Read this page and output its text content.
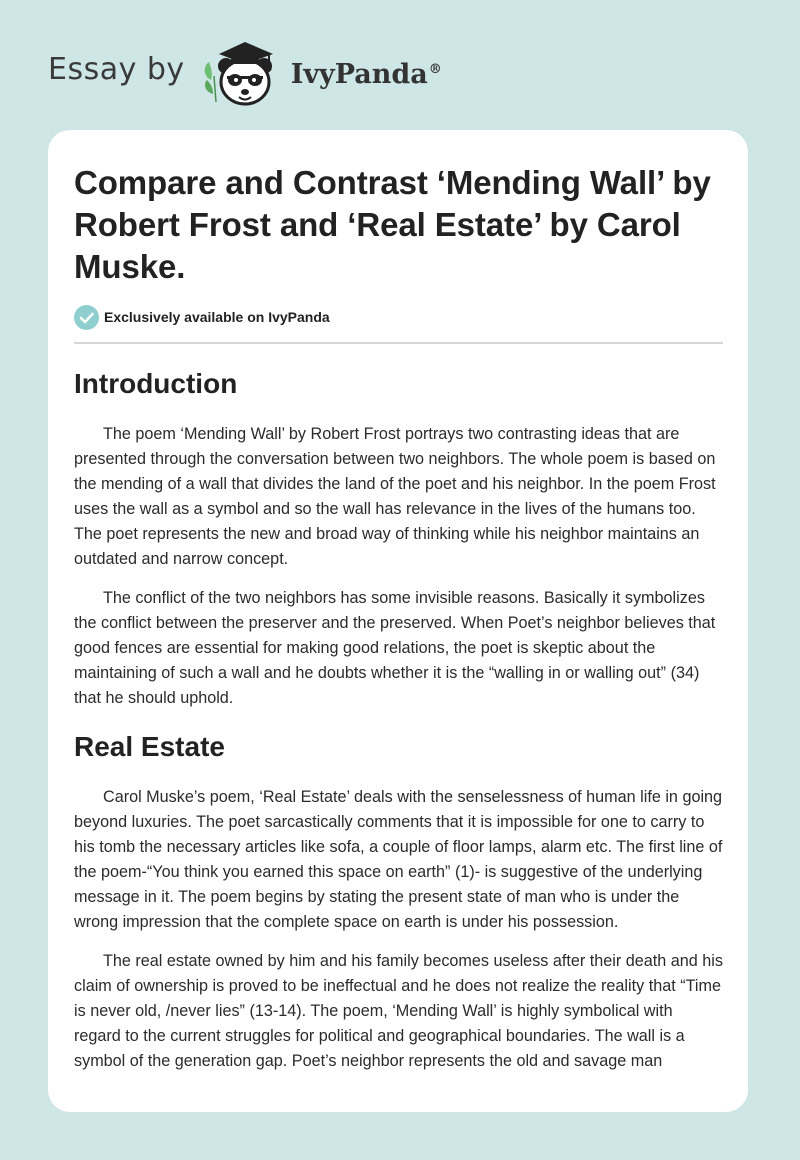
Essay by	IvyPanda®
Compare and Contrast ‘Mending Wall’ by Robert Frost and ‘Real Estate’ by Carol Muske.
Exclusively available on IvyPanda
Introduction

The poem ‘Mending Wall’ by Robert Frost portrays two contrasting ideas that are presented through the conversation between two neighbors. The whole poem is based on the mending of a wall that divides the land of the poet and his neighbor. In the poem Frost uses the wall as a symbol and so the wall has relevance in the lives of the humans too. The poet represents the new and broad way of thinking while his neighbor maintains an outdated and narrow concept.

The conflict of the two neighbors has some invisible reasons. Basically it symbolizes the conflict between the preserver and the preserved. When Poet’s neighbor believes that good fences are essential for making good relations, the poet is skeptic about the maintaining of such a wall and he doubts whether it is the “walling in or walling out” (34) that he should uphold.

Real Estate

Carol Muske’s poem, ‘Real Estate’ deals with the senselessness of human life in going beyond luxuries. The poet sarcastically comments that it is impossible for one to carry to his tomb the necessary articles like sofa, a couple of floor lamps, alarm etc. The first line of the poem-“You think you earned this space on earth” (1)- is suggestive of the underlying message in it. The poem begins by stating the present state of man who is under the wrong impression that the complete space on earth is under his possession.

The real estate owned by him and his family becomes useless after their death and his claim of ownership is proved to be ineffectual and he does not realize the reality that “Time is never old, /never lies” (13-14). The poem, ‘Mending Wall’ is highly symbolical with regard to the current struggles for political and geographical boundaries. The wall is a symbol of the generation gap. Poet’s neighbor represents the old and savage man
